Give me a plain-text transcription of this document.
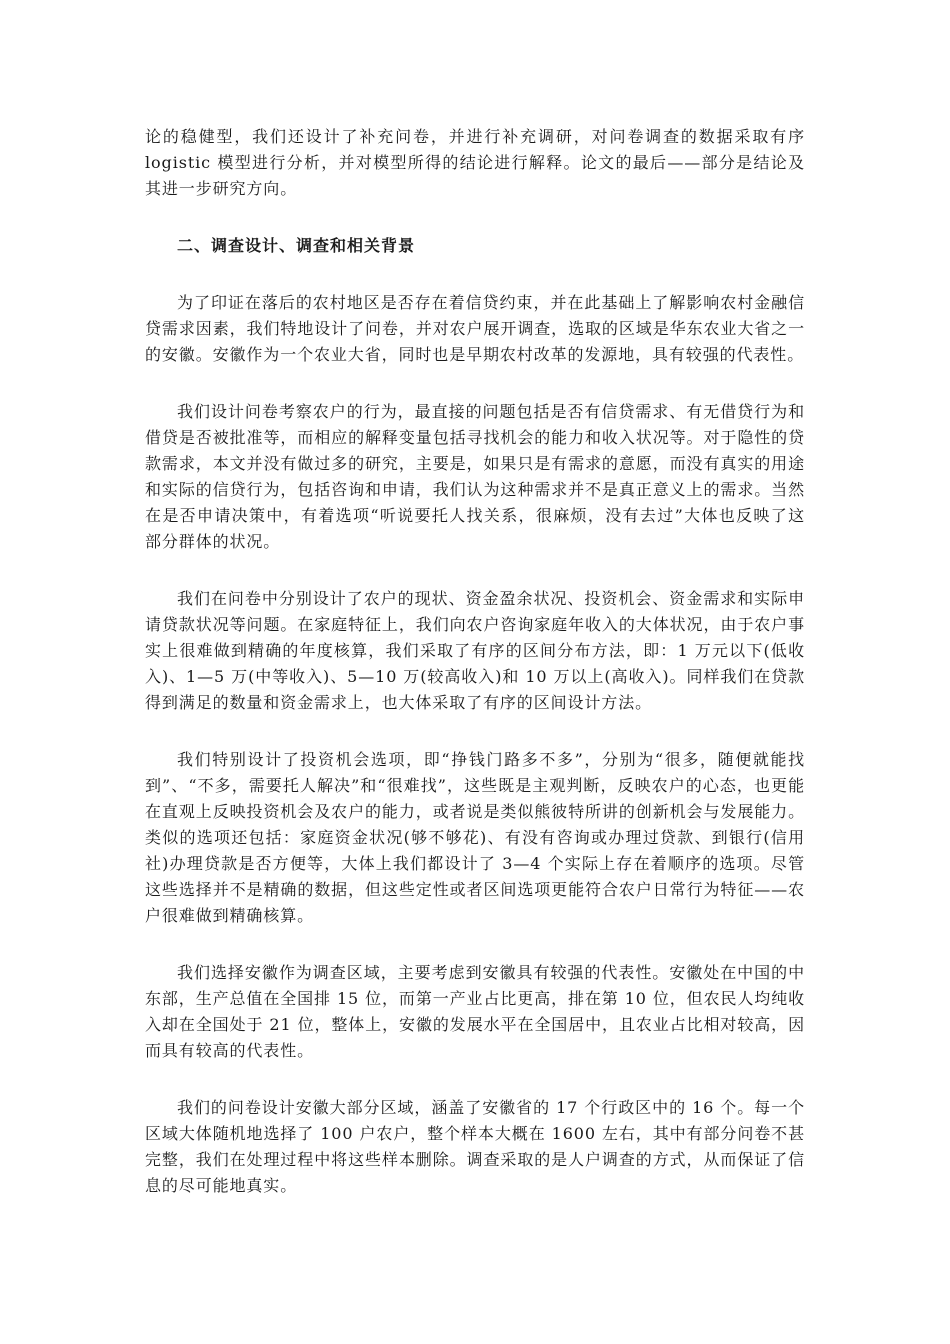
论的稳健型，我们还设计了补充问卷，并进行补充调研，对问卷调查的数据采取有序 logistic 模型进行分析，并对模型所得的结论进行解释。论文的最后——部分是结论及其进一步研究方向。

二、调查设计、调查和相关背景

为了印证在落后的农村地区是否存在着信贷约束，并在此基础上了解影响农村金融信贷需求因素，我们特地设计了问卷，并对农户展开调查，选取的区域是华东农业大省之一的安徽。安徽作为一个农业大省，同时也是早期农村改革的发源地，具有较强的代表性。

我们设计问卷考察农户的行为，最直接的问题包括是否有信贷需求、有无借贷行为和借贷是否被批准等，而相应的解释变量包括寻找机会的能力和收入状况等。对于隐性的贷款需求，本文并没有做过多的研究，主要是，如果只是有需求的意愿，而没有真实的用途和实际的信贷行为，包括咨询和申请，我们认为这种需求并不是真正意义上的需求。当然在是否申请决策中，有着选项“听说要托人找关系，很麻烦，没有去过”大体也反映了这部分群体的状况。

我们在问卷中分别设计了农户的现状、资金盈余状况、投资机会、资金需求和实际申请贷款状况等问题。在家庭特征上，我们向农户咨询家庭年收入的大体状况，由于农户事实上很难做到精确的年度核算，我们采取了有序的区间分布方法，即：1 万元以下(低收入)、1—5 万(中等收入)、5—10 万(较高收入)和 10 万以上(高收入)。同样我们在贷款得到满足的数量和资金需求上，也大体采取了有序的区间设计方法。

我们特别设计了投资机会选项，即“挣钱门路多不多”，分别为“很多，随便就能找到”、“不多，需要托人解决”和“很难找”，这些既是主观判断，反映农户的心态，也更能在直观上反映投资机会及农户的能力，或者说是类似熊彼特所讲的创新机会与发展能力。类似的选项还包括：家庭资金状况(够不够花)、有没有咨询或办理过贷款、到银行(信用社)办理贷款是否方便等，大体上我们都设计了 3—4 个实际上存在着顺序的选项。尽管这些选择并不是精确的数据，但这些定性或者区间选项更能符合农户日常行为特征——农户很难做到精确核算。

我们选择安徽作为调查区域，主要考虑到安徽具有较强的代表性。安徽处在中国的中东部，生产总值在全国排 15 位，而第一产业占比更高，排在第 10 位，但农民人均纯收入却在全国处于 21 位，整体上，安徽的发展水平在全国居中，且农业占比相对较高，因而具有较高的代表性。

我们的问卷设计安徽大部分区域，涵盖了安徽省的 17 个行政区中的 16 个。每一个区域大体随机地选择了 100 户农户，整个样本大概在 1600 左右，其中有部分问卷不甚完整，我们在处理过程中将这些样本删除。调查采取的是人户调查的方式，从而保证了信息的尽可能地真实。
